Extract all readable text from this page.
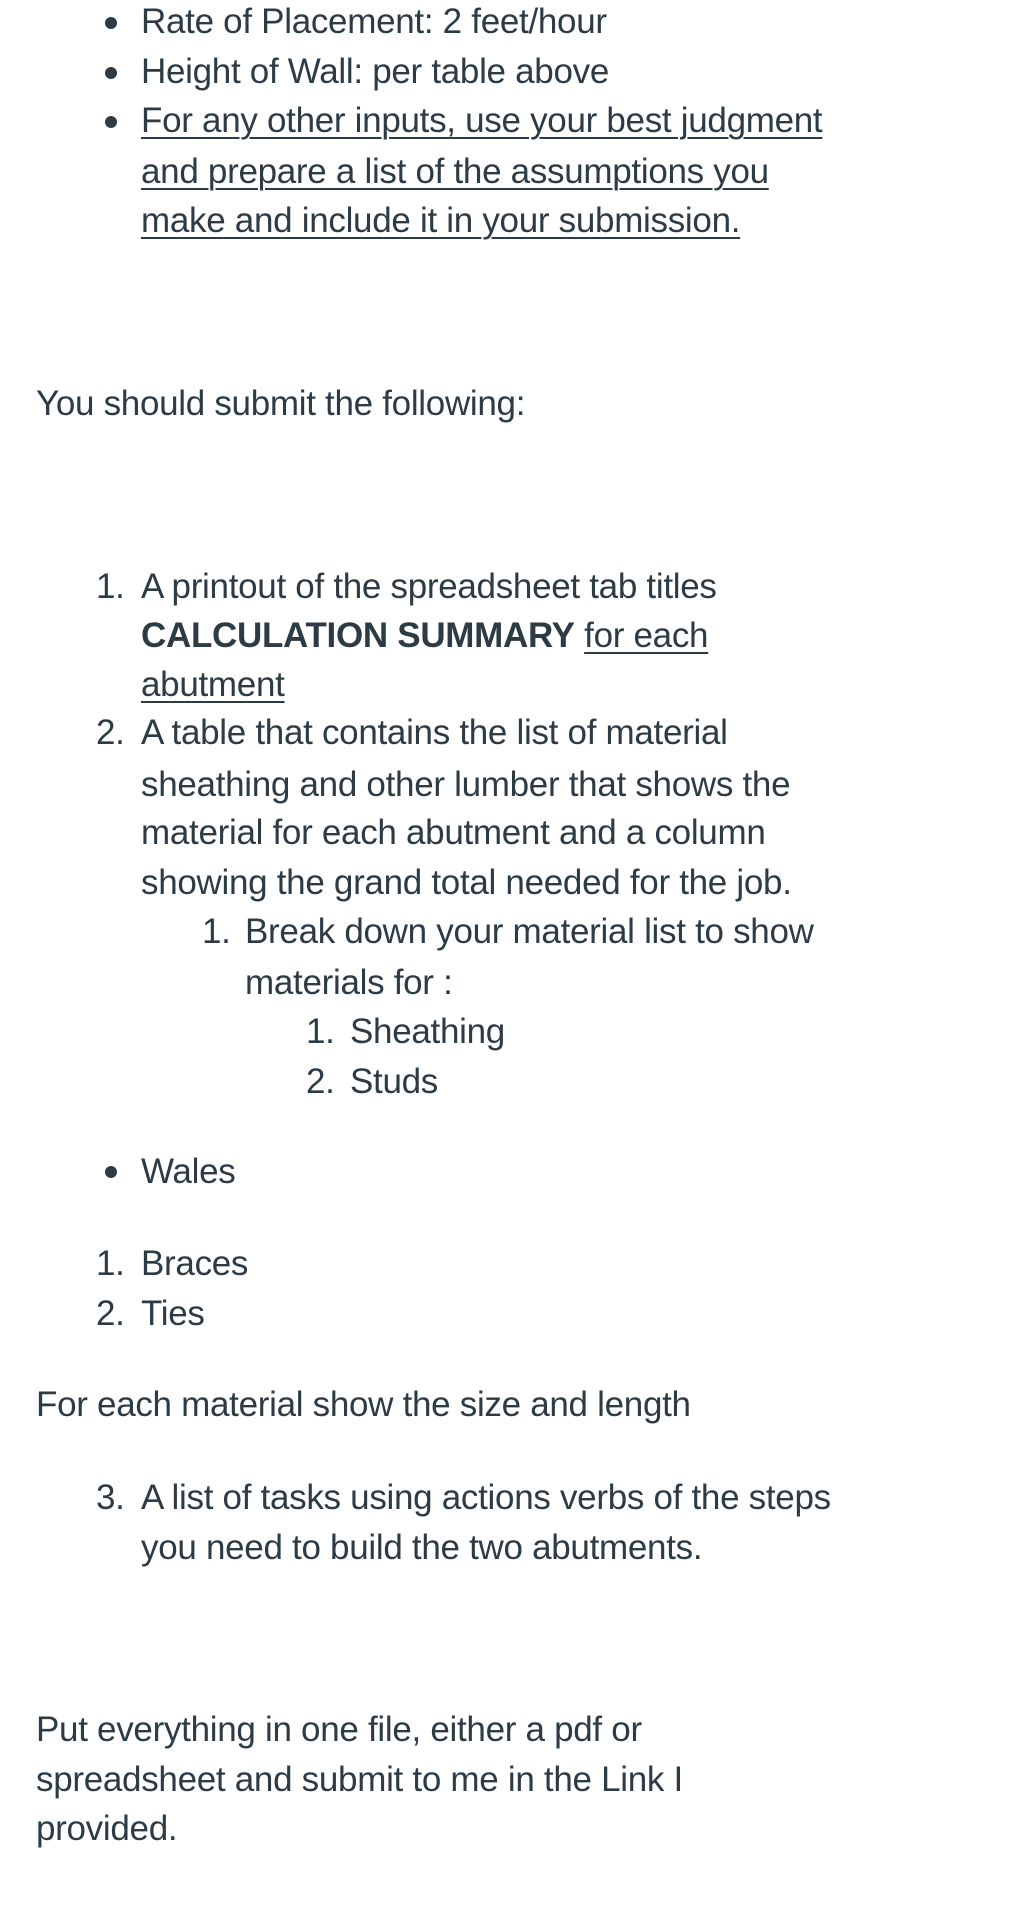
Rate of Placement: 2 feet/hour
Height of Wall: per table above
For any other inputs, use your best judgment
and prepare a list of the assumptions you
make and include it in your submission.
You should submit the following:
1. A printout of the spreadsheet tab titles
CALCULATION SUMMARY for each
abutment
2. A table that contains the list of material
sheathing and other lumber that shows the
material for each abutment and a column
showing the grand total needed for the job.
1. Break down your material list to show
materials for :
1. Sheathing
2. Studs
Wales
1. Braces
2. Ties
For each material show the size and length
3. A list of tasks using actions verbs of the steps
you need to build the two abutments.
Put everything in one file, either a pdf or
spreadsheet and submit to me in the Link I
provided.
